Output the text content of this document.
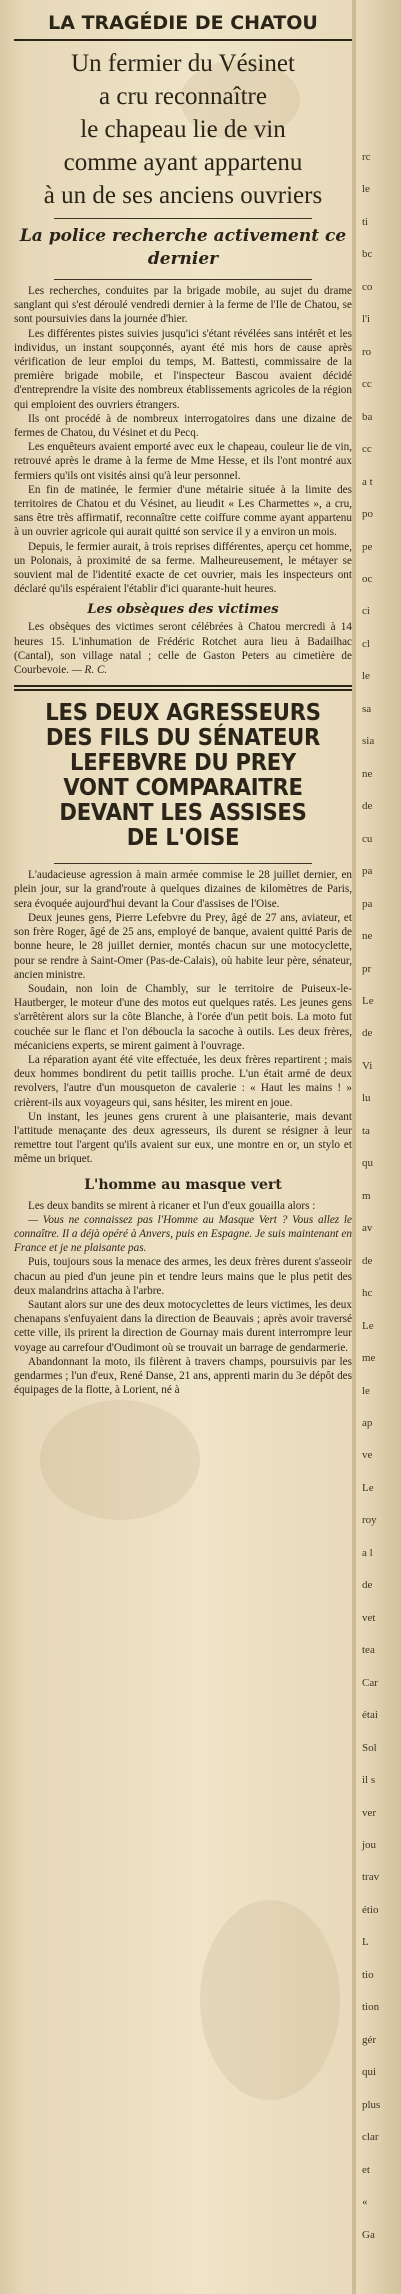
LA TRAGÉDIE DE CHATOU
Un fermier du Vésinet
a cru reconnaître
le chapeau lie de vin
comme ayant appartenu
à un de ses anciens ouvriers
La police recherche activement ce dernier

Les recherches, conduites par la brigade mobile, au sujet du drame sanglant qui s'est déroulé vendredi dernier à la ferme de l'Ile de Chatou, se sont poursuivies dans la journée d'hier.

Les différentes pistes suivies jusqu'ici s'étant révélées sans intérêt et les individus, un instant soupçonnés, ayant été mis hors de cause après vérification de leur emploi du temps, M. Battesti, commissaire de la première brigade mobile, et l'inspecteur Bascou avaient décidé d'entreprendre la visite des nombreux établissements agricoles de la région qui emploient des ouvriers étrangers.

Ils ont procédé à de nombreux interrogatoires dans une dizaine de fermes de Chatou, du Vésinet et du Pecq.

Les enquêteurs avaient emporté avec eux le chapeau, couleur lie de vin, retrouvé après le drame à la ferme de Mme Hesse, et ils l'ont montré aux fermiers qu'ils ont visités ainsi qu'à leur personnel.

En fin de matinée, le fermier d'une métairie située à la limite des territoires de Chatou et du Vésinet, au lieudit « Les Charmettes », a cru, sans être très affirmatif, reconnaître cette coiffure comme ayant appartenu à un ouvrier agricole qui aurait quitté son service il y a environ un mois.

Depuis, le fermier aurait, à trois reprises différentes, aperçu cet homme, un Polonais, à proximité de sa ferme. Malheureusement, le métayer se souvient mal de l'identité exacte de cet ouvrier, mais les inspecteurs ont déclaré qu'ils espéraient l'établir d'ici quarante-huit heures.

Les obsèques des victimes

Les obsèques des victimes seront célébrées à Chatou mercredi à 14 heures 15. L'inhumation de Frédéric Rotchet aura lieu à Badailhac (Cantal), son village natal ; celle de Gaston Peters au cimetière de Courbevoie. — R. C.

LES DEUX AGRESSEURS
DES FILS DU SÉNATEUR
LEFEBVRE DU PREY
VONT COMPARAITRE
DEVANT LES ASSISES
DE L'OISE

L'audacieuse agression à main armée commise le 28 juillet dernier, en plein jour, sur la grand'route à quelques dizaines de kilomètres de Paris, sera évoquée aujourd'hui devant la Cour d'assises de l'Oise.

Deux jeunes gens, Pierre Lefebvre du Prey, âgé de 27 ans, aviateur, et son frère Roger, âgé de 25 ans, employé de banque, avaient quitté Paris de bonne heure, le 28 juillet dernier, montés chacun sur une motocyclette, pour se rendre à Saint-Omer (Pas-de-Calais), où habite leur père, sénateur, ancien ministre.

Soudain, non loin de Chambly, sur le territoire de Puiseux-le-Hautberger, le moteur d'une des motos eut quelques ratés. Les jeunes gens s'arrêtèrent alors sur la côte Blanche, à l'orée d'un petit bois. La moto fut couchée sur le flanc et l'on déboucla la sacoche à outils. Les deux frères, mécaniciens experts, se mirent gaiment à l'ouvrage.

La réparation ayant été vite effectuée, les deux frères repartirent ; mais deux hommes bondirent du petit taillis proche. L'un était armé de deux revolvers, l'autre d'un mousqueton de cavalerie : « Haut les mains ! » crièrent-ils aux voyageurs qui, sans hésiter, les mirent en joue.

Un instant, les jeunes gens crurent à une plaisanterie, mais devant l'attitude menaçante des deux agresseurs, ils durent se résigner à leur remettre tout l'argent qu'ils avaient sur eux, une montre en or, un stylo et même un briquet.

L'homme au masque vert

Les deux bandits se mirent à ricaner et l'un d'eux gouailla alors :

— Vous ne connaissez pas l'Homme au Masque Vert ? Vous allez le connaître. Il a déjà opéré à Anvers, puis en Espagne. Je suis maintenant en France et je ne plaisante pas.

Puis, toujours sous la menace des armes, les deux frères durent s'asseoir chacun au pied d'un jeune pin et tendre leurs mains que le plus petit des deux malandrins attacha à l'arbre.

Sautant alors sur une des deux motocyclettes de leurs victimes, les deux chenapans s'enfuyaient dans la direction de Beauvais ; après avoir traversé cette ville, ils prirent la direction de Gournay mais durent interrompre leur voyage au carrefour d'Oudimont où se trouvait un barrage de gendarmerie.

Abandonnant la moto, ils filèrent à travers champs, poursuivis par les gendarmes ; l'un d'eux, René Danse, 21 ans, apprenti marin du 3e dépôt des équipages de la flotte, à Lorient, né à

rc
le
ti
bc
co
l'i
ro
cc
ba
cc
a t
po
pe
oc
ci
cl
le
sa
sia
ne
de
cu
pa
pa
ne
pr
Le
de
Vi
lu
ta
qu
m
av
de
hc
Le
me
le
ap
ve
Le
roy
a l
de
vet
tea
Car
étai
Sol
il s
ver
jou
trav
étio
L
tio
tion
gér
qui
plus
clar
et
«
Ga
